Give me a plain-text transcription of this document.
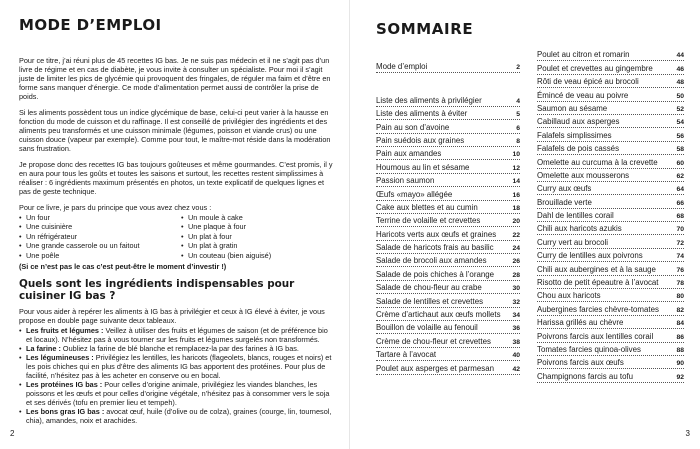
MODE D’EMPLOI

Pour ce titre, j’ai réuni plus de 45 recettes IG bas. Je ne suis pas médecin et il ne s’agit pas d’un livre de régime et en cas de diabète, je vous invite à consulter un spécialiste. Pour moi il s’agit juste de limiter les pics de glycémie qui provoquent des fringales, de réguler ma faim et d’être en forme sans manquer d’énergie. Ce mode d’alimentation permet aussi de contrôler la prise de poids.

Si les aliments possèdent tous un indice glycémique de base, celui-ci peut varier à la hausse en fonction du mode de cuisson et du raffinage. Il est conseillé de privilégier des ingrédients et des aliments peu transformés et une cuisson minimale (légumes, poisson et viande crus) ou une cuisson douce (vapeur par exemple). Comme pour tout, le maître-mot réside dans la modération sans frustration.

Je propose donc des recettes IG bas toujours goûteuses et même gourmandes. C’est promis, il y en aura pour tous les goûts et toutes les saisons et surtout, les recettes restent simplissimes à réaliser : 6 ingrédients maximum présentés en photos, un texte explicatif de quelques lignes et pas de geste technique.

Pour ce livre, je pars du principe que vous avez chez vous :

• Un four	• Un moule à cake
• Une cuisinière	• Une plaque à four
• Un réfrigérateur	• Un plat à four
• Une grande casserole ou un faitout	• Un plat à gratin
• Une poêle	• Un couteau (bien aiguisé)

(Si ce n’est pas le cas c’est peut-être le moment d’investir !)

Quels sont les ingrédients indispensables pour cuisiner IG bas ?

Pour vous aider à repérer les aliments à IG bas à privilégier et ceux à IG élevé à éviter, je vous propose en double page suivante deux tableaux.

• Les fruits et légumes : Veillez à utiliser des fruits et légumes de saison (et de préférence bio et locaux). N’hésitez pas à vous tourner sur les fruits et légumes surgelés non transformés.
• La farine : Oubliez la farine de blé blanche et remplacez-la par des farines à IG bas.
• Les légumineuses : Privilégiez les lentilles, les haricots (flageolets, blancs, rouges et noirs) et les pois chiches qui en plus d’être des aliments IG bas apportent des protéines. Pour plus de facilité, n’hésitez pas à les acheter en conserve ou en bocal.
• Les protéines IG bas : Pour celles d’origine animale, privilégiez les viandes blanches, les poissons et les œufs et pour celles d’origine végétale, n’hésitez pas à consommer vers le soja et ses dérivés (tofu en premier lieu et tempeh).
• Les bons gras IG bas : avocat œuf, huile (d’olive ou de colza), graines (courge, lin, tournesol, chia), amandes, noix et arachides.
2
SOMMAIRE
Mode d’emploi	2
Liste des aliments à privilégier	4
Liste des aliments à éviter	5
Pain au son d’avoine	6
Pain suédois aux graines	8
Pain aux amandes	10
Houmous au lin et sésame	12
Passion saumon	14
Œufs «mayo» allégée	16
Cake aux blettes et au cumin	18
Terrine de volaille et crevettes	20
Haricots verts aux œufs et graines 22
Salade de haricots frais au basilic	24
Salade de brocoli aux amandes	26
Salade de pois chiches à l’orange	28
Salade de chou-fleur au crabe	30
Salade de lentilles et crevettes	32
Crème d’artichaut aux œufs mollets 34
Bouillon de volaille au fenouil	36
Crème de chou-fleur et crevettes	38
Tartare à l’avocat	40
Poulet aux asperges et parmesan	42
Poulet au citron et romarin	44
Poulet et crevettes au gingembre	46
Rôti de veau épicé au brocoli	48
Émincé de veau au poivre	50
Saumon au sésame	52
Cabillaud aux asperges	54
Falafels simplissimes	56
Falafels de pois cassés	58
Omelette au curcuma à la crevette	60
Omelette aux mousserons	62
Curry aux œufs	64
Brouillade verte	66
Dahl de lentilles corail	68
Chili aux haricots azukis	70
Curry vert au brocoli	72
Curry de lentilles aux poivrons	74
Chili aux aubergines et à la sauge	76
Risotto de petit épeautre à l’avocat	78
Chou aux haricots	80
Aubergines farcies chèvre-tomates	82
Harissa grillés au chèvre	84
Poivrons farcis aux lentilles corail	86
Tomates farcies quinoa-olives	88
Poivrons farcis aux œufs	90
Champignons farcis au tofu	92
3
